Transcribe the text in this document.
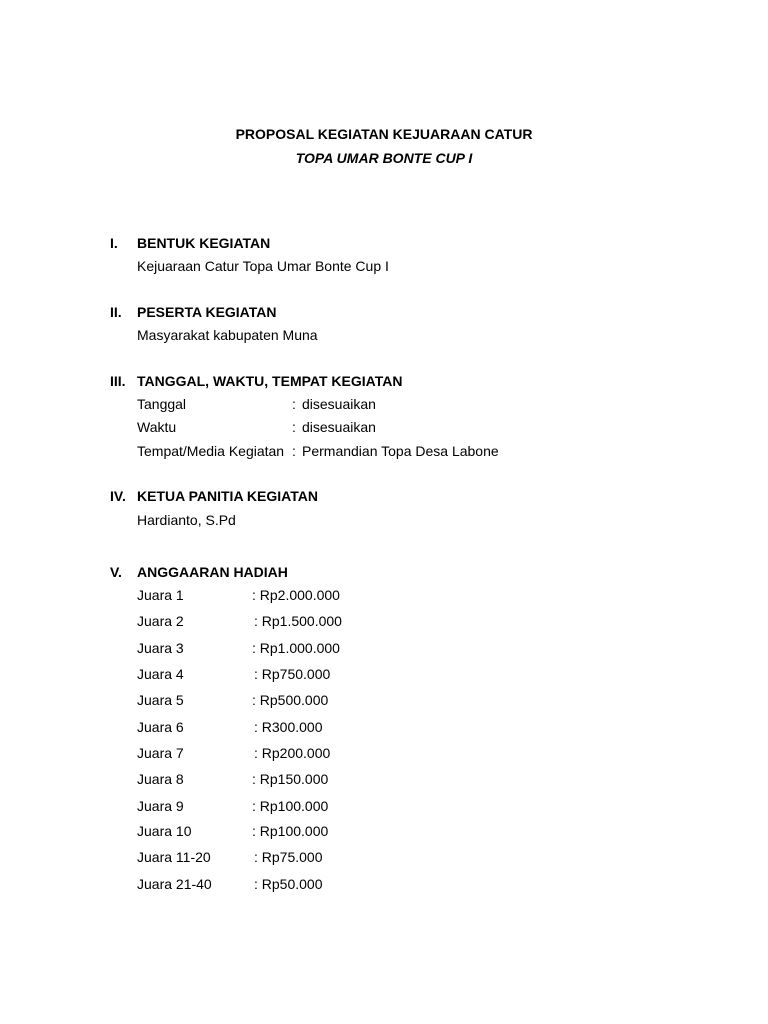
PROPOSAL KEGIATAN KEJUARAAN CATUR
TOPA UMAR BONTE CUP I
I. BENTUK KEGIATAN
Kejuaraan Catur Topa Umar Bonte Cup I
II. PESERTA KEGIATAN
Masyarakat kabupaten Muna
III. TANGGAL, WAKTU, TEMPAT KEGIATAN
Tanggal	: disesuaikan
Waktu	: disesuaikan
Tempat/Media Kegiatan : Permandian Topa Desa Labone
IV. KETUA PANITIA KEGIATAN
Hardianto, S.Pd
V. ANGGAARAN HADIAH
Juara 1	: Rp2.000.000
Juara 2	: Rp1.500.000
Juara 3	: Rp1.000.000
Juara 4	: Rp750.000
Juara 5	: Rp500.000
Juara 6	: R300.000
Juara 7	: Rp200.000
Juara 8	: Rp150.000
Juara 9	: Rp100.000
Juara 10	: Rp100.000
Juara 11-20	: Rp75.000
Juara 21-40	: Rp50.000
